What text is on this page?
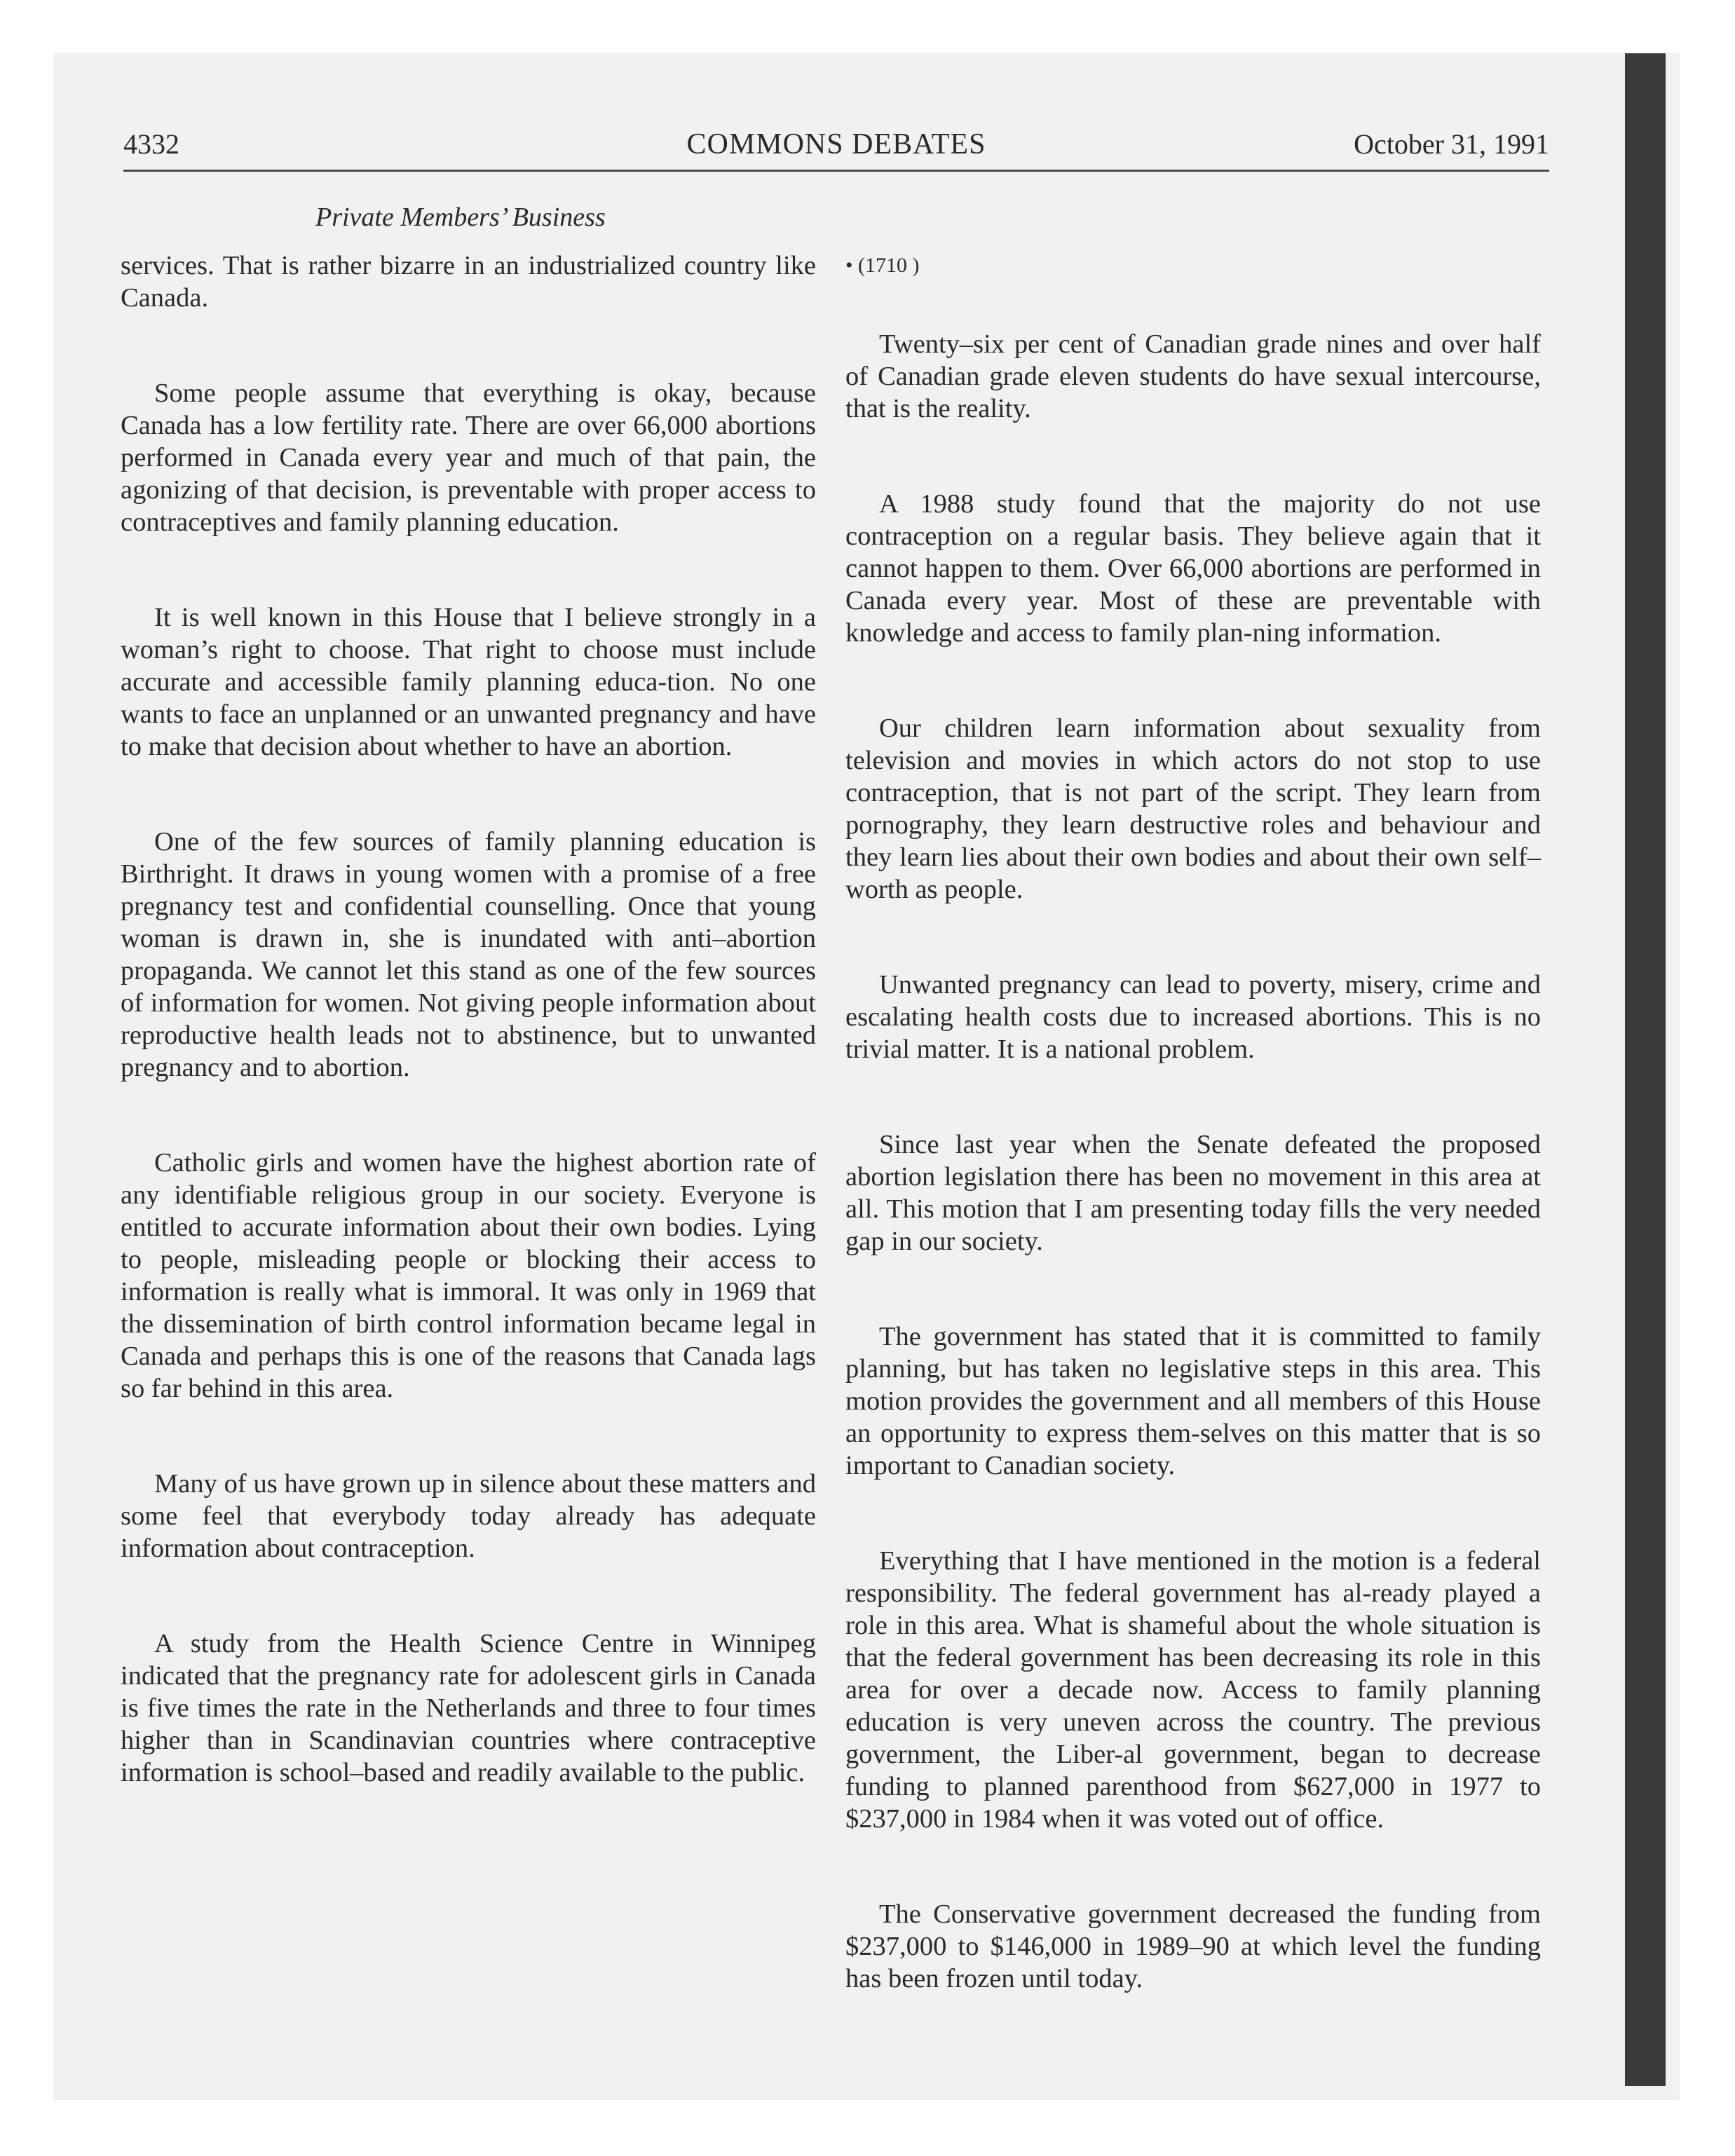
4332	COMMONS DEBATES	October 31, 1991
Private Members’ Business

services. That is rather bizarre in an industrialized country like Canada.

Some people assume that everything is okay, because Canada has a low fertility rate. There are over 66,000 abortions performed in Canada every year and much of that pain, the agonizing of that decision, is preventable with proper access to contraceptives and family planning education.

It is well known in this House that I believe strongly in a woman’s right to choose. That right to choose must include accurate and accessible family planning educa-tion. No one wants to face an unplanned or an unwanted pregnancy and have to make that decision about whether to have an abortion.

One of the few sources of family planning education is Birthright. It draws in young women with a promise of a free pregnancy test and confidential counselling. Once that young woman is drawn in, she is inundated with anti–abortion propaganda. We cannot let this stand as one of the few sources of information for women. Not giving people information about reproductive health leads not to abstinence, but to unwanted pregnancy and to abortion.

Catholic girls and women have the highest abortion rate of any identifiable religious group in our society. Everyone is entitled to accurate information about their own bodies. Lying to people, misleading people or blocking their access to information is really what is immoral. It was only in 1969 that the dissemination of birth control information became legal in Canada and perhaps this is one of the reasons that Canada lags so far behind in this area.

Many of us have grown up in silence about these matters and some feel that everybody today already has adequate information about contraception.

A study from the Health Science Centre in Winnipeg indicated that the pregnancy rate for adolescent girls in Canada is five times the rate in the Netherlands and three to four times higher than in Scandinavian countries where contraceptive information is school–based and readily available to the public.

• (1710 )

Twenty–six per cent of Canadian grade nines and over half of Canadian grade eleven students do have sexual intercourse, that is the reality.

A 1988 study found that the majority do not use contraception on a regular basis. They believe again that it cannot happen to them. Over 66,000 abortions are performed in Canada every year. Most of these are preventable with knowledge and access to family plan-ning information.

Our children learn information about sexuality from television and movies in which actors do not stop to use contraception, that is not part of the script. They learn from pornography, they learn destructive roles and behaviour and they learn lies about their own bodies and about their own self–worth as people.

Unwanted pregnancy can lead to poverty, misery, crime and escalating health costs due to increased abortions. This is no trivial matter. It is a national problem.

Since last year when the Senate defeated the proposed abortion legislation there has been no movement in this area at all. This motion that I am presenting today fills the very needed gap in our society.

The government has stated that it is committed to family planning, but has taken no legislative steps in this area. This motion provides the government and all members of this House an opportunity to express them-selves on this matter that is so important to Canadian society.

Everything that I have mentioned in the motion is a federal responsibility. The federal government has al-ready played a role in this area. What is shameful about the whole situation is that the federal government has been decreasing its role in this area for over a decade now. Access to family planning education is very uneven across the country. The previous government, the Liber-al government, began to decrease funding to planned parenthood from $627,000 in 1977 to $237,000 in 1984 when it was voted out of office.

The Conservative government decreased the funding from $237,000 to $146,000 in 1989–90 at which level the funding has been frozen until today.
